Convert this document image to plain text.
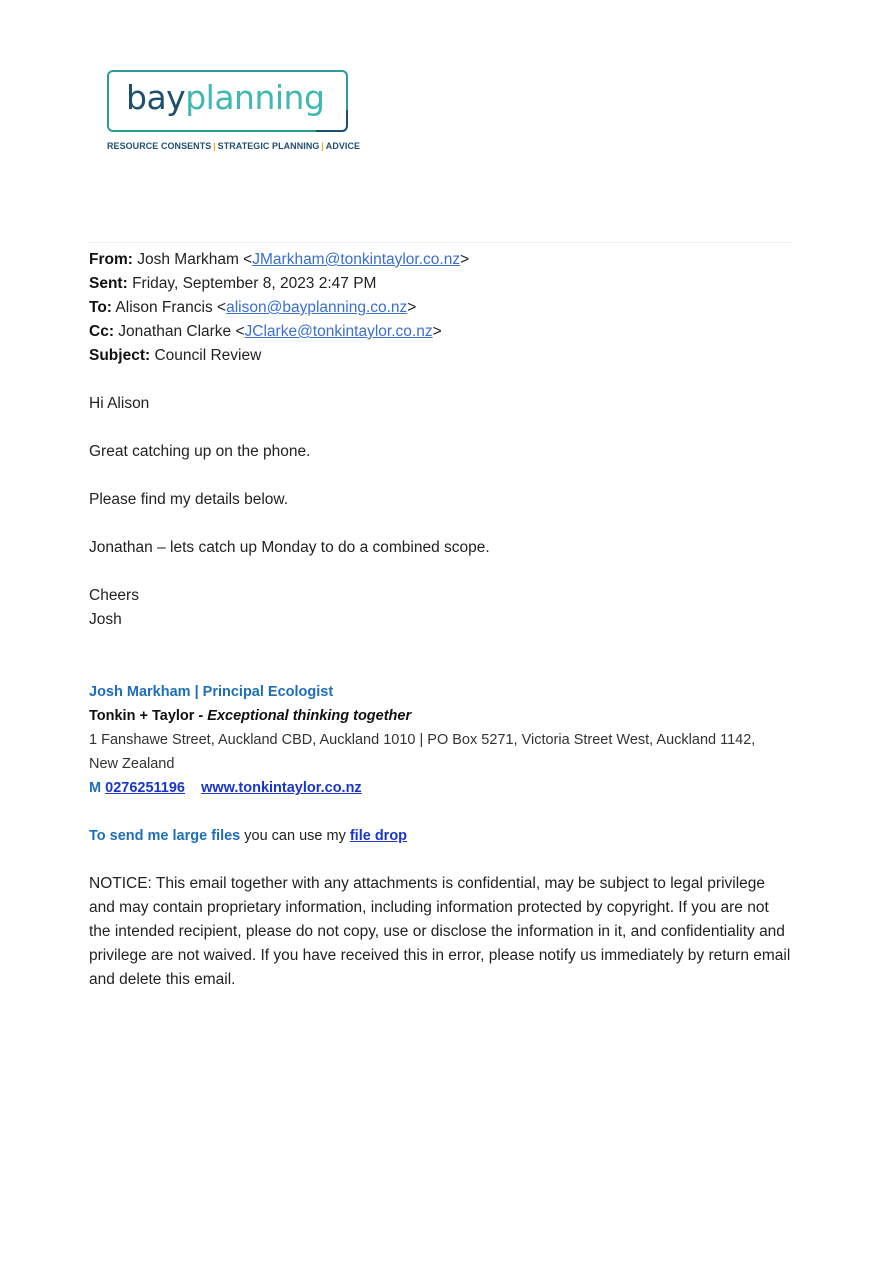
bayplanning
RESOURCE CONSENTS | STRATEGIC PLANNING | ADVICE
From: Josh Markham <JMarkham@tonkintaylor.co.nz>
Sent: Friday, September 8, 2023 2:47 PM
To: Alison Francis <alison@bayplanning.co.nz>
Cc: Jonathan Clarke <JClarke@tonkintaylor.co.nz>
Subject: Council Review
Hi Alison
Great catching up on the phone.
Please find my details below.
Jonathan – lets catch up Monday to do a combined scope.
Cheers
Josh
Josh Markham | Principal Ecologist
Tonkin + Taylor - Exceptional thinking together
1 Fanshawe Street, Auckland CBD, Auckland 1010 | PO Box 5271, Victoria Street West, Auckland 1142,
New Zealand
M 0276251196 www.tonkintaylor.co.nz
To send me large files you can use my file drop
NOTICE: This email together with any attachments is confidential, may be subject to legal privilege and may contain proprietary information, including information protected by copyright. If you are not the intended recipient, please do not copy, use or disclose the information in it, and confidentiality and privilege are not waived. If you have received this in error, please notify us immediately by return email and delete this email.
